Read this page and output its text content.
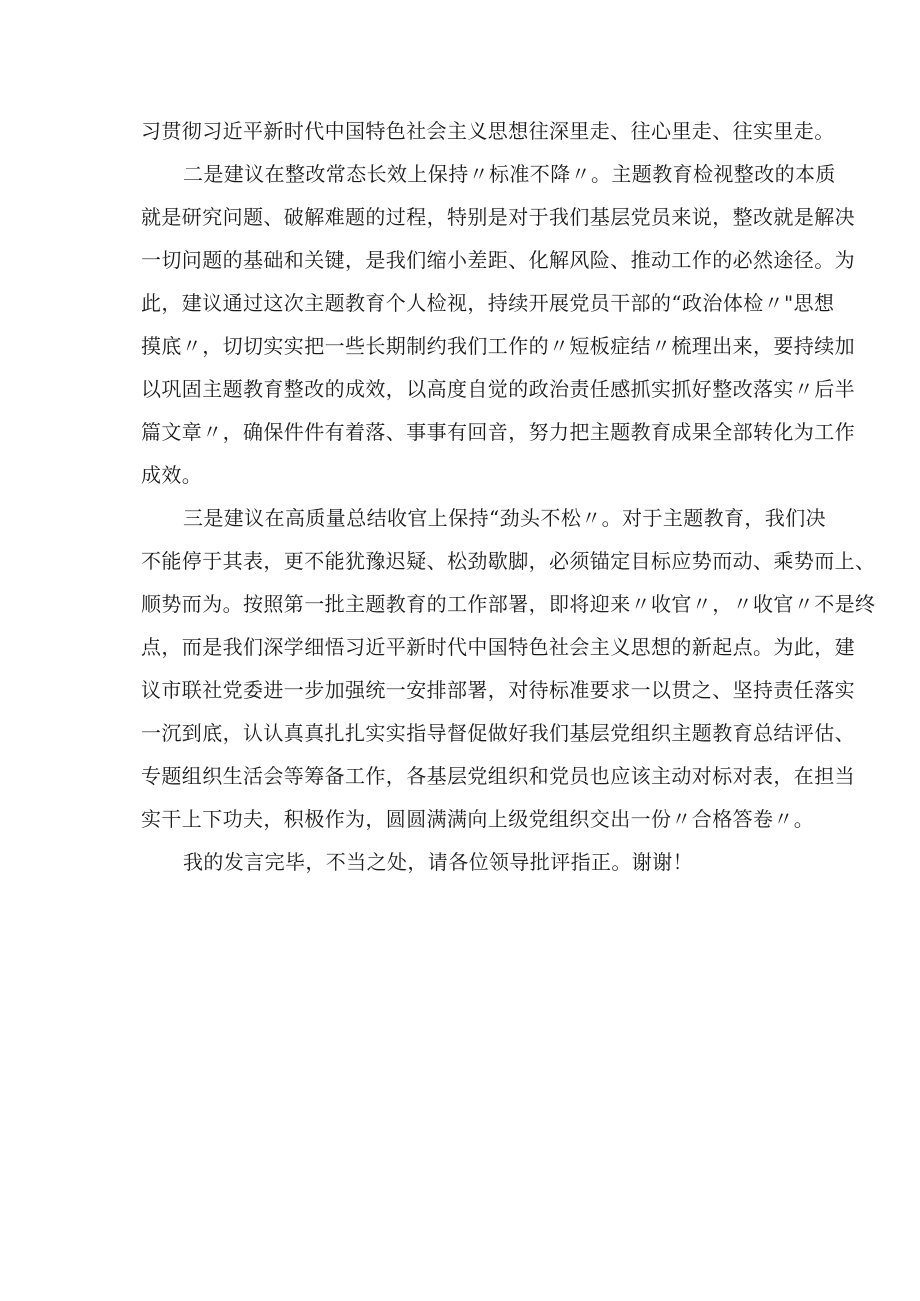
习贯彻习近平新时代中国特色社会主义思想往深里走、往心里走、往实里走。
二是建议在整改常态长效上保持〃标准不降〃。主题教育检视整改的本质
就是研究问题、破解难题的过程，特别是对于我们基层党员来说，整改就是解决
一切问题的基础和关键，是我们缩小差距、化解风险、推动工作的必然途径。为
此，建议通过这次主题教育个人检视，持续开展党员干部的“政治体检〃"思想
摸底〃，切切实实把一些长期制约我们工作的〃短板症结〃梳理出来，要持续加
以巩固主题教育整改的成效，以高度自觉的政治责任感抓实抓好整改落实〃后半
篇文章〃，确保件件有着落、事事有回音，努力把主题教育成果全部转化为工作
成效。
三是建议在高质量总结收官上保持“劲头不松〃。对于主题教育，我们决
不能停于其表，更不能犹豫迟疑、松劲歇脚，必须锚定目标应势而动、乘势而上、
顺势而为。按照第一批主题教育的工作部署，即将迎来〃收官〃，〃收官〃不是终
点，而是我们深学细悟习近平新时代中国特色社会主义思想的新起点。为此，建
议市联社党委进一步加强统一安排部署，对待标准要求一以贯之、坚持责任落实
一沉到底，认认真真扎扎实实指导督促做好我们基层党组织主题教育总结评估、
专题组织生活会等筹备工作，各基层党组织和党员也应该主动对标对表，在担当
实干上下功夫，积极作为，圆圆满满向上级党组织交出一份〃合格答卷〃。
我的发言完毕，不当之处，请各位领导批评指正。谢谢！
